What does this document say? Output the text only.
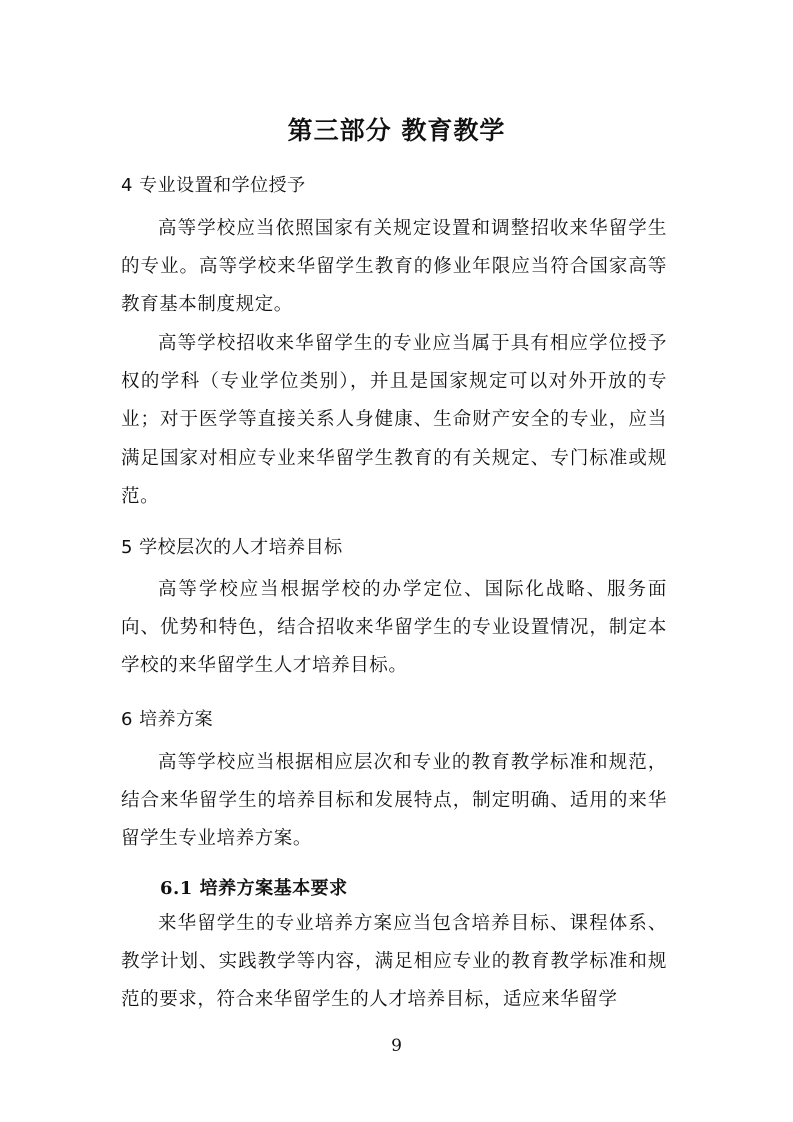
第三部分 教育教学
4 专业设置和学位授予

高等学校应当依照国家有关规定设置和调整招收来华留学生的专业。高等学校来华留学生教育的修业年限应当符合国家高等教育基本制度规定。

高等学校招收来华留学生的专业应当属于具有相应学位授予权的学科（专业学位类别），并且是国家规定可以对外开放的专业；对于医学等直接关系人身健康、生命财产安全的专业，应当满足国家对相应专业来华留学生教育的有关规定、专门标准或规范。

5 学校层次的人才培养目标

高等学校应当根据学校的办学定位、国际化战略、服务面向、优势和特色，结合招收来华留学生的专业设置情况，制定本学校的来华留学生人才培养目标。

6 培养方案

高等学校应当根据相应层次和专业的教育教学标准和规范，结合来华留学生的培养目标和发展特点，制定明确、适用的来华留学生专业培养方案。

6.1 培养方案基本要求

来华留学生的专业培养方案应当包含培养目标、课程体系、教学计划、实践教学等内容，满足相应专业的教育教学标准和规范的要求，符合来华留学生的人才培养目标，适应来华留学

9
